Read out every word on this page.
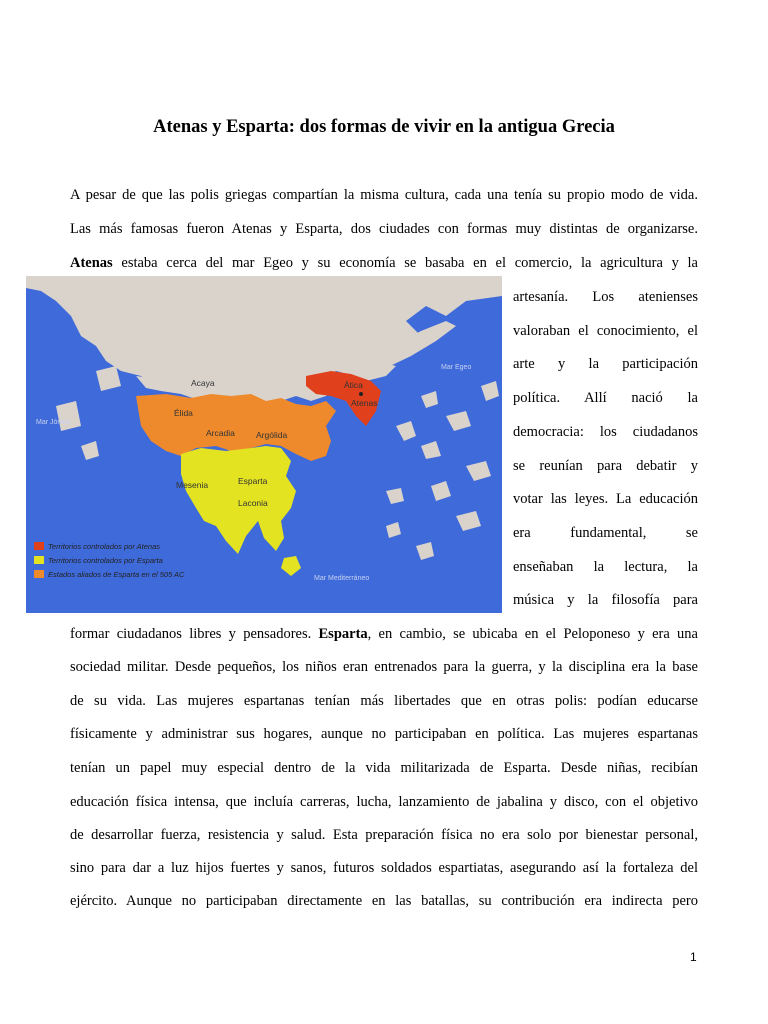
Atenas y Esparta: dos formas de vivir en la antigua Grecia
A pesar de que las polis griegas compartían la misma cultura, cada una tenía su propio modo de vida.
Las más famosas fueron Atenas y Esparta, dos ciudades con formas muy distintas de organizarse.
Atenas estaba cerca del mar Egeo y su economía se basaba en el comercio, la agricultura y la
artesanía. Los atenienses
valoraban el conocimiento, el
arte y la participación
política. Allí nació la
democracia: los ciudadanos
se reunían para debatir y
votar las leyes. La educación
era fundamental, se
enseñaban la lectura, la
música y la filosofía para
formar ciudadanos libres y pensadores. Esparta, en cambio, se ubicaba en el Peloponeso y era una
sociedad militar. Desde pequeños, los niños eran entrenados para la guerra, y la disciplina era la base
de su vida. Las mujeres espartanas tenían más libertades que en otras polis: podían educarse
físicamente y administrar sus hogares, aunque no participaban en política. Las mujeres espartanas
tenían un papel muy especial dentro de la vida militarizada de Esparta. Desde niñas, recibían
educación física intensa, que incluía carreras, lucha, lanzamiento de jabalina y disco, con el objetivo
de desarrollar fuerza, resistencia y salud. Esta preparación física no era solo por bienestar personal,
sino para dar a luz hijos fuertes y sanos, futuros soldados espartiatas, asegurando así la fortaleza del
ejército. Aunque no participaban directamente en las batallas, su contribución era indirecta pero
1
Mar Egeo
Mar Jónico
Mar Mediterráneo
Acaya	Ática
Atenas
Élida
Arcadia Argólida
Mesenia	Esparta
Laconia
Territorios controlados por Atenas
Territorios controlados por Esparta
Estados aliados de Esparta en el 505 AC
